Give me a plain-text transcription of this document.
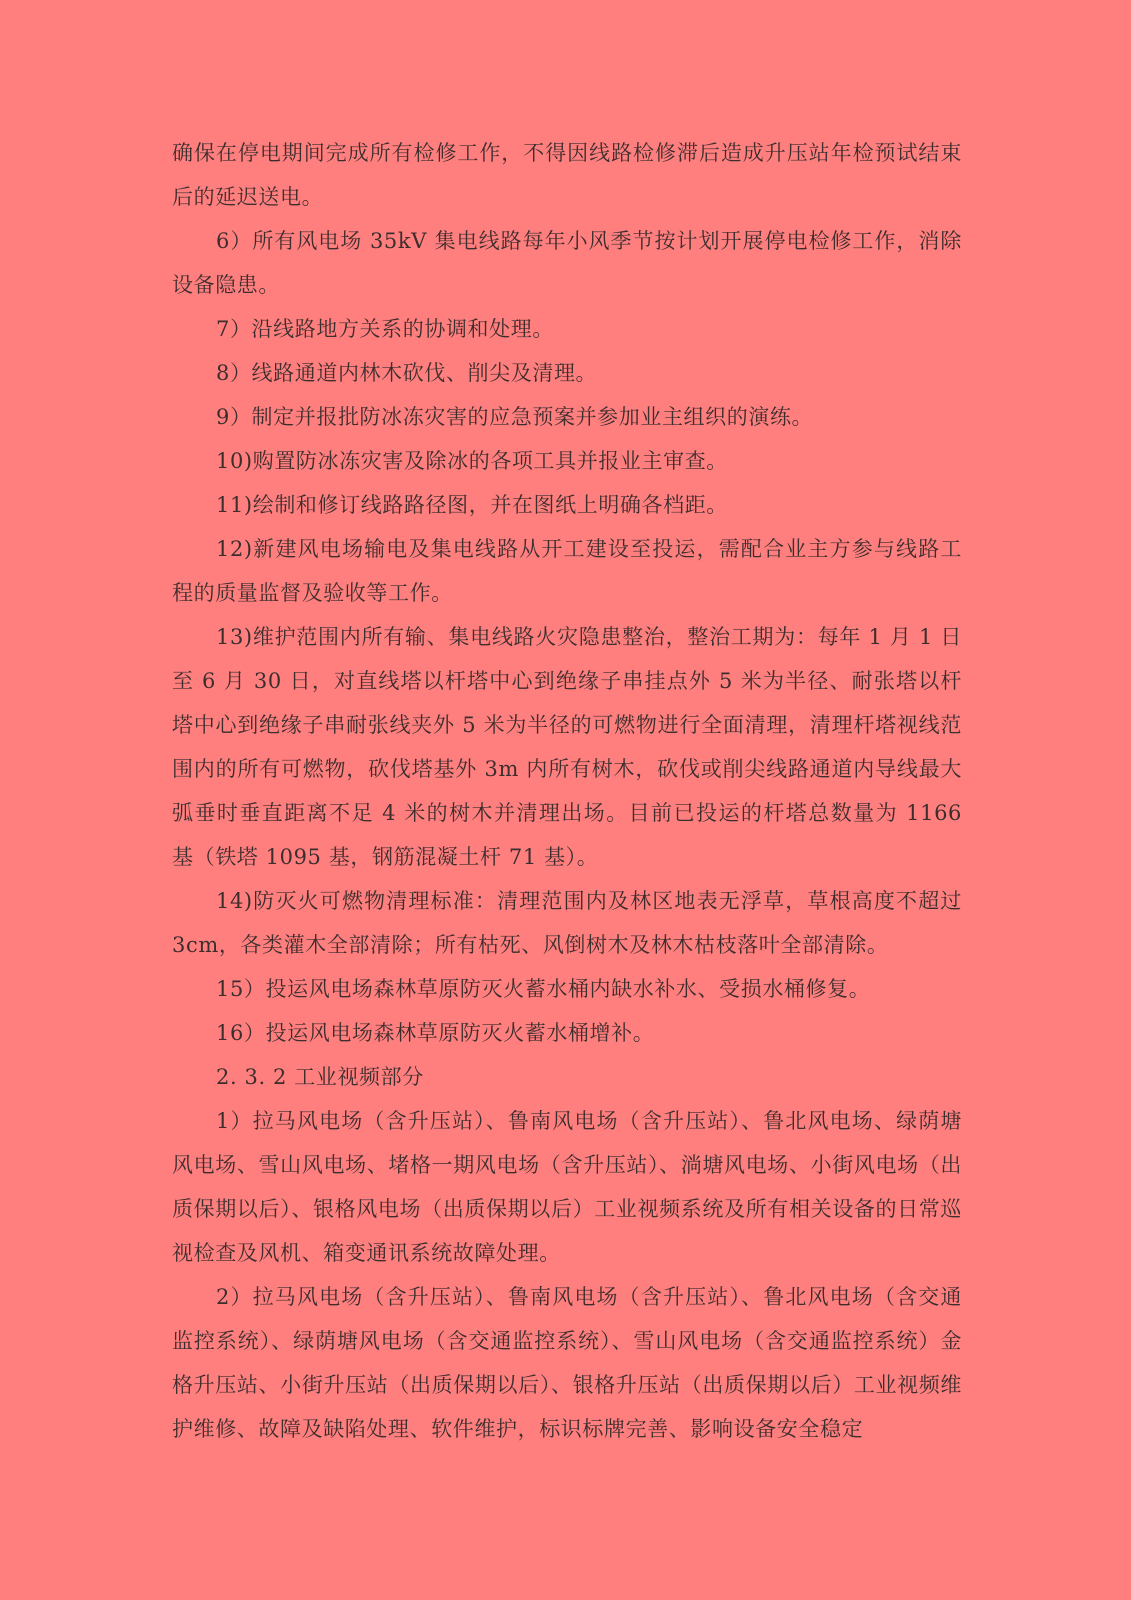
确保在停电期间完成所有检修工作，不得因线路检修滞后造成升压站年检预试结束后的延迟送电。

6）所有风电场 35kV 集电线路每年小风季节按计划开展停电检修工作，消除设备隐患。

7）沿线路地方关系的协调和处理。

8）线路通道内林木砍伐、削尖及清理。

9）制定并报批防冰冻灾害的应急预案并参加业主组织的演练。

10)购置防冰冻灾害及除冰的各项工具并报业主审查。

11)绘制和修订线路路径图，并在图纸上明确各档距。

12)新建风电场输电及集电线路从开工建设至投运，需配合业主方参与线路工程的质量监督及验收等工作。

13)维护范围内所有输、集电线路火灾隐患整治，整治工期为：每年 1 月 1 日至 6 月 30 日，对直线塔以杆塔中心到绝缘子串挂点外 5 米为半径、耐张塔以杆塔中心到绝缘子串耐张线夹外 5 米为半径的可燃物进行全面清理，清理杆塔视线范围内的所有可燃物，砍伐塔基外 3m 内所有树木，砍伐或削尖线路通道内导线最大弧垂时垂直距离不足 4 米的树木并清理出场。目前已投运的杆塔总数量为 1166 基（铁塔 1095 基，钢筋混凝土杆 71 基）。

14)防灭火可燃物清理标准：清理范围内及林区地表无浮草，草根高度不超过 3cm，各类灌木全部清除；所有枯死、风倒树木及林木枯枝落叶全部清除。

15）投运风电场森林草原防灭火蓄水桶内缺水补水、受损水桶修复。

16）投运风电场森林草原防灭火蓄水桶增补。

2. 3. 2 工业视频部分

1）拉马风电场（含升压站）、鲁南风电场（含升压站）、鲁北风电场、绿荫塘风电场、雪山风电场、堵格一期风电场（含升压站）、淌塘风电场、小街风电场（出质保期以后）、银格风电场（出质保期以后）工业视频系统及所有相关设备的日常巡视检查及风机、箱变通讯系统故障处理。

2）拉马风电场（含升压站）、鲁南风电场（含升压站）、鲁北风电场（含交通监控系统）、绿荫塘风电场（含交通监控系统）、雪山风电场（含交通监控系统）金格升压站、小街升压站（出质保期以后）、银格升压站（出质保期以后）工业视频维护维修、故障及缺陷处理、软件维护，标识标牌完善、影响设备安全稳定
